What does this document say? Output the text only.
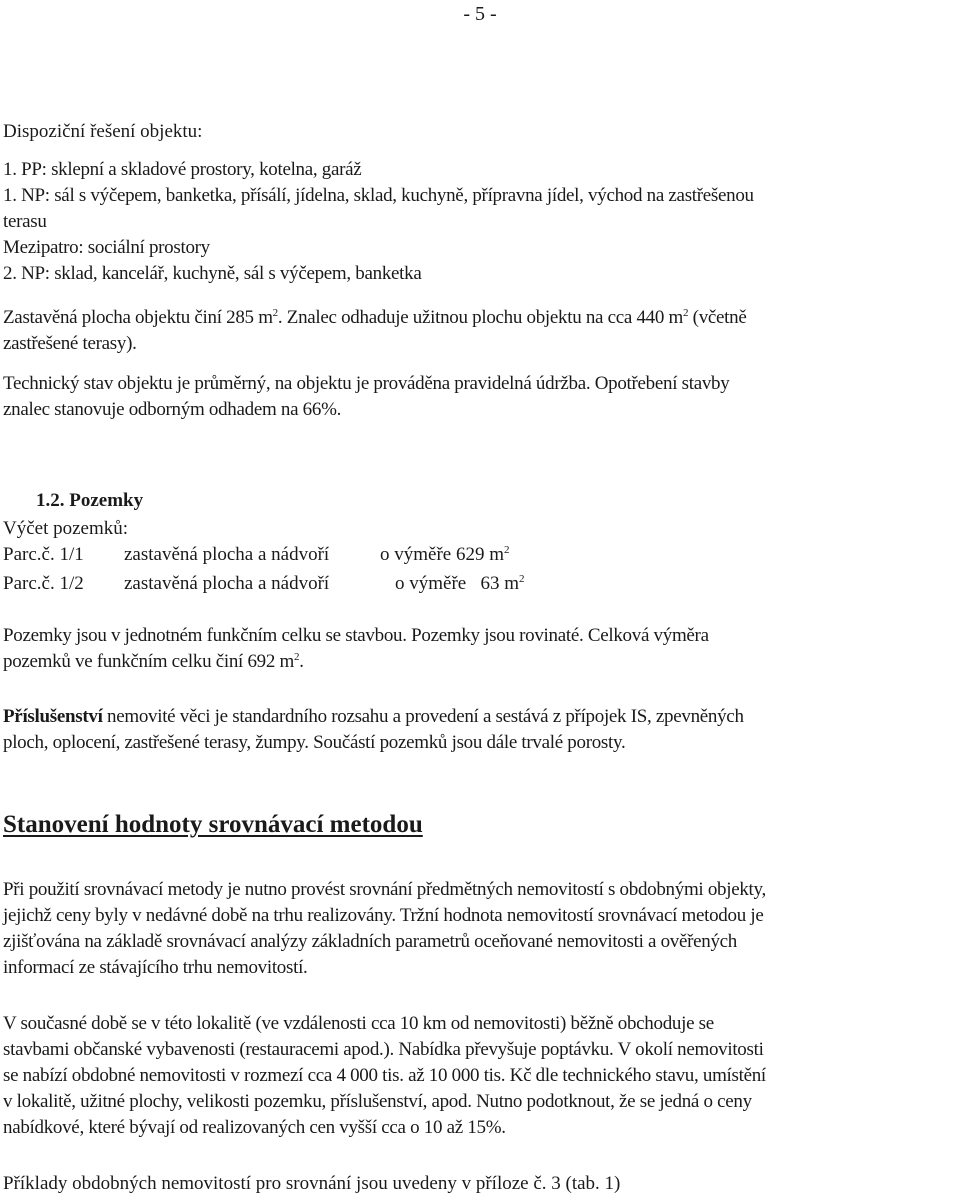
- 5 -
Dispoziční řešení objektu:
1. PP: sklepní a skladové prostory, kotelna, garáž
1. NP: sál s výčepem, banketka, přísálí, jídelna, sklad, kuchyně, přípravna jídel, východ na zastřešenou
terasu
Mezipatro: sociální prostory
2. NP: sklad, kancelář, kuchyně, sál s výčepem, banketka
Zastavěná plocha objektu činí 285 $m^2$. Znalec odhaduje užitnou plochu objektu na cca 440 $m^2$ (včetně
zastřešené terasy).
Technický stav objektu je průměrný, na objektu je prováděna pravidelná údržba. Opotřebení stavby
znalec stanovuje odborným odhadem na 66%.
1.2. Pozemky
Výčet pozemků:
Parc.č. 1/1 zastavěná plocha a nádvoří	o výměře 629 $m^2$
Parc.č. 1/2 zastavěná plocha a nádvoří	o výměře   63 $m^2$
Pozemky jsou v jednotném funkčním celku se stavbou. Pozemky jsou rovinaté. Celková výměra
pozemků ve funkčním celku činí 692 $m^2$.
Příslušenství nemovité věci je standardního rozsahu a provedení a sestává z přípojek IS, zpevněných
ploch, oplocení, zastřešené terasy, žumpy. Součástí pozemků jsou dále trvalé porosty.
Stanovení hodnoty srovnávací metodou
Při použití srovnávací metody je nutno provést srovnání předmětných nemovitostí s obdobnými objekty,
jejichž ceny byly v nedávné době na trhu realizovány. Tržní hodnota nemovitostí srovnávací metodou je
zjišťována na základě srovnávací analýzy základních parametrů oceňované nemovitosti a ověřených
informací ze stávajícího trhu nemovitostí.
V současné době se v této lokalitě (ve vzdálenosti cca 10 km od nemovitosti) běžně obchoduje se
stavbami občanské vybavenosti (restauracemi apod.). Nabídka převyšuje poptávku. V okolí nemovitosti
se nabízí obdobné nemovitosti v rozmezí cca 4 000 tis. až 10 000 tis. Kč dle technického stavu, umístění
v lokalitě, užitné plochy, velikosti pozemku, příslušenství, apod. Nutno podotknout, že se jedná o ceny
nabídkové, které bývají od realizovaných cen vyšší cca o 10 až 15%.
Příklady obdobných nemovitostí pro srovnání jsou uvedeny v příloze č. 3 (tab. 1)
